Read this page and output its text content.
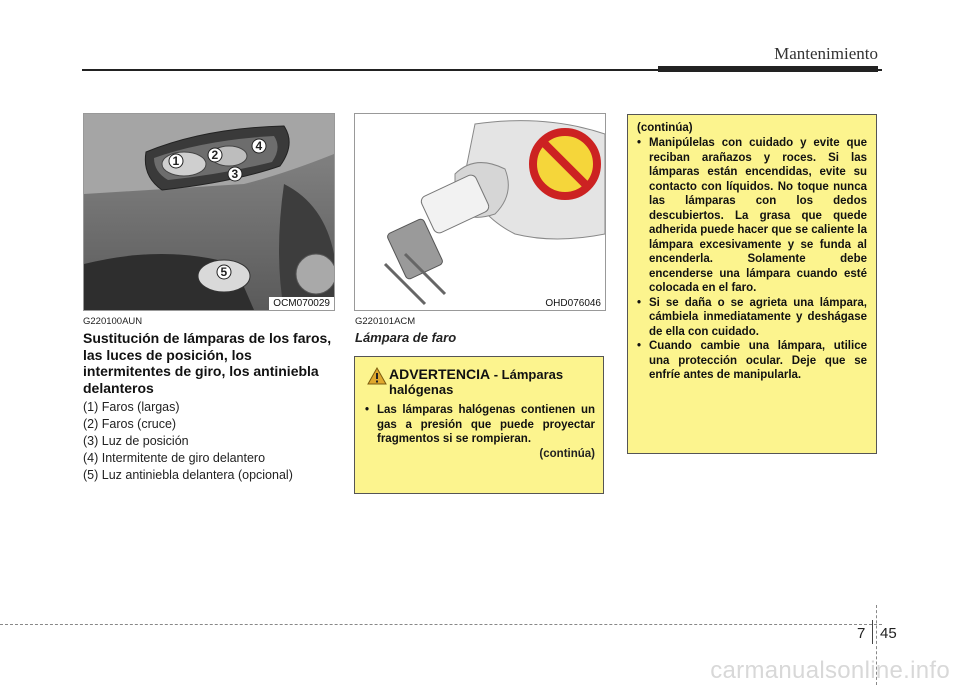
Mantenimiento
1	2
3
4
5
OCM070029	OHD076046
G220100AUN
Sustitución de lámparas de los faros, las luces de posición, los intermitentes de giro, los antiniebla delanteros
(1) Faros (largas)
(2) Faros (cruce)
(3) Luz de posición
(4) Intermitente de giro delantero
(5) Luz antiniebla delantera (opcional)
G220101ACM
Lámpara de faro
ADVERTENCIA - Lámparas halógenas
• Las lámparas halógenas contienen un gas a presión que puede proyectar fragmentos si se rompieran.
(continúa)
(continúa)
• Manipúlelas con cuidado y evite que reciban arañazos y roces. Si las lámparas están encendidas, evite su contacto con líquidos. No toque nunca las lámparas con los dedos descubiertos. La grasa que quede adherida puede hacer que se caliente la lámpara excesivamente y se funda al encenderla. Solamente debe encenderse una lámpara cuando esté colocada en el faro.
• Si se daña o se agrieta una lámpara, cámbiela inmediatamente y deshágase de ella con cuidado.
• Cuando cambie una lámpara, utilice una protección ocular. Deje que se enfríe antes de manipularla.
7 45
carmanualsonline.info
